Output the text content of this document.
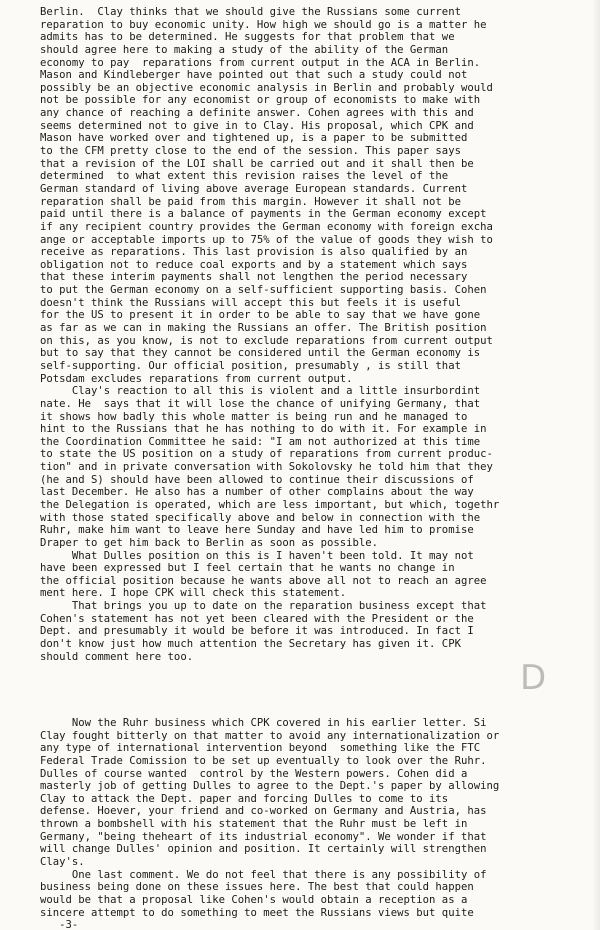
Berlin.  Clay thinks that we should give the Russians some current
reparation to buy economic unity. How high we should go is a matter he
admits has to be determined. He suggests for that problem that we
should agree here to making a study of the ability of the German
economy to pay  reparations from current output in the ACA in Berlin.
Mason and Kindleberger have pointed out that such a study could not
possibly be an objective economic analysis in Berlin and probably would
not be possible for any economist or group of economists to make with
any chance of reaching a definite answer. Cohen agrees with this and
seems determined not to give in to Clay. His proposal, which CPK and
Mason have worked over and tightened up, is a paper to be submitted
to the CFM pretty close to the end of the session. This paper says
that a revision of the LOI shall be carried out and it shall then be
determined  to what extent this revision raises the level of the
German standard of living above average European standards. Current
reparation shall be paid from this margin. However it shall not be
paid until there is a balance of payments in the German economy except
if any recipient country provides the German economy with foreign excha
ange or acceptable imports up to 75% of the value of goods they wish to
receive as reparations. This last provision is also qualified by an
obligation not to reduce coal exports and by a statement which says
that these interim payments shall not lengthen the period necessary
to put the German economy on a self-sufficient supporting basis. Cohen
doesn't think the Russians will accept this but feels it is useful
for the US to present it in order to be able to say that we have gone
as far as we can in making the Russians an offer. The British position
on this, as you know, is not to exclude reparations from current output
but to say that they cannot be considered until the German economy is
self-supporting. Our official position, presumably , is still that
Potsdam excludes reparations from current output.
Clay's reaction to all this is violent and a little insurbordint
nate. He  says that it will lose the chance of unifying Germany, that
it shows how badly this whole matter is being run and he managed to
hint to the Russians that he has nothing to do with it. For example in
the Coordination Committee he said: "I am not authorized at this time
to state the US position on a study of reparations from current produc-
tion" and in private conversation with Sokolovsky he told him that they
(he and S) should have been allowed to continue their discussions of
last December. He also has a number of other complains about the way
the Delegation is operated, which are less important, but which, togethr
with those stated specifically above and below in connection with the
Ruhr, make him want to leave here Sunday and have led him to promise
Draper to get him back to Berlin as soon as possible.
What Dulles position on this is I haven't been told. It may not
have been expressed but I feel certain that he wants no change in
the official position because he wants above all not to reach an agree
ment here. I hope CPK will check this statement.
That brings you up to date on the reparation business except that
Cohen's statement has not yet been cleared with the President or the
Dept. and presumably it would be before it was introduced. In fact I
don't know just how much attention the Secretary has given it. CPK
should comment here too.
D
Now the Ruhr business which CPK covered in his earlier letter. Si
Clay fought bitterly on that matter to avoid any internationalization or
any type of international intervention beyond  something like the FTC
Federal Trade Comission to be set up eventually to look over the Ruhr.
Dulles of course wanted  control by the Western powers. Cohen did a
masterly job of getting Dulles to agree to the Dept.'s paper by allowing
Clay to attack the Dept. paper and forcing Dulles to come to its
defense. Hoever, your friend and co-worked on Germany and Austria, has
thrown a bombshell with his statement that the Ruhr must be left in
Germany, "being theheart of its industrial economy". We wonder if that
will change Dulles' opinion and position. It certainly will strengthen
Clay's.
One last comment. We do not feel that there is any possibility of
business being done on these issues here. The best that could happen
would be that a proposal like Cohen's would obtain a reception as a
sincere attempt to do something to meet the Russians views but quite
-3-
